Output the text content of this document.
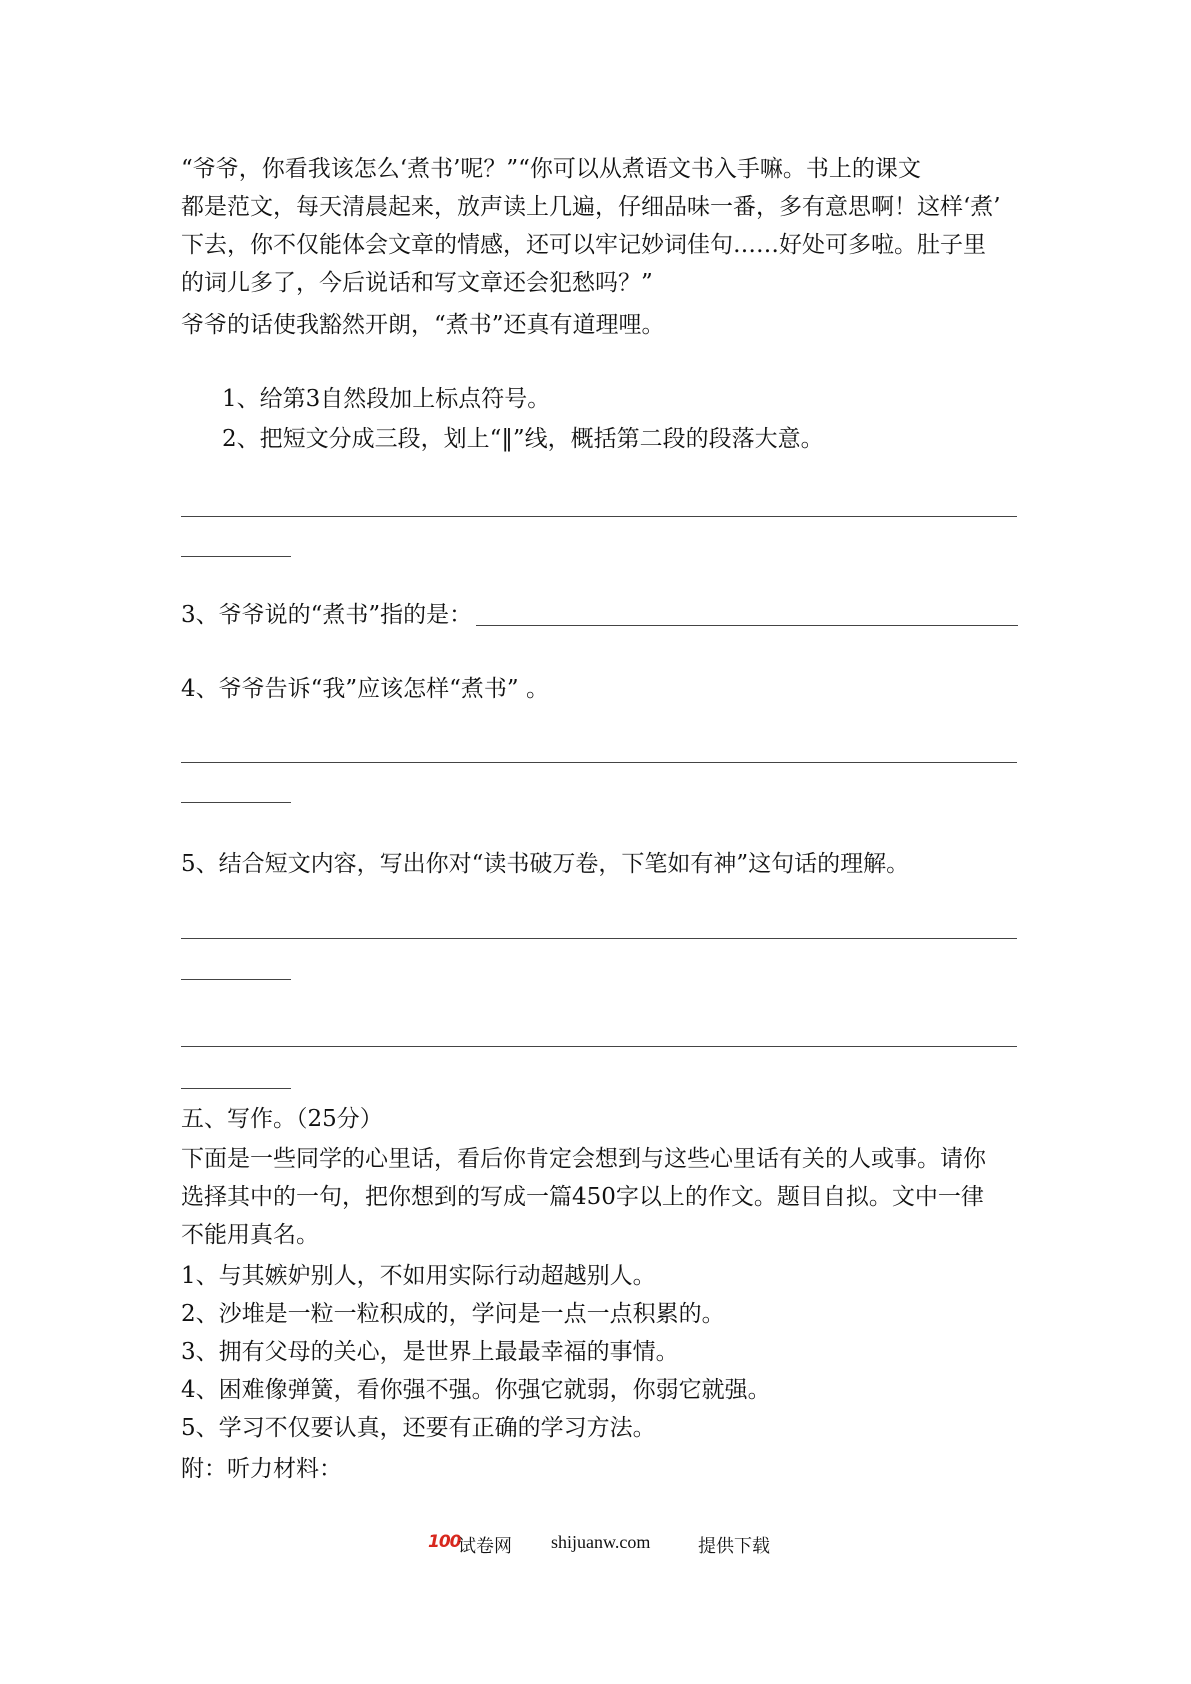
“爷爷，你看我该怎么‘煮书’呢？”“你可以从煮语文书入手嘛。书上的课文
都是范文，每天清晨起来，放声读上几遍，仔细品味一番，多有意思啊！这样‘煮’
下去，你不仅能体会文章的情感，还可以牢记妙词佳句……好处可多啦。肚子里
的词儿多了，今后说话和写文章还会犯愁吗？”
爷爷的话使我豁然开朗，“煮书”还真有道理哩。
1、给第3自然段加上标点符号。
2、把短文分成三段，划上“‖”线，概括第二段的段落大意。
3、爷爷说的“煮书”指的是：
4、爷爷告诉“我”应该怎样“煮书” 。
5、结合短文内容，写出你对“读书破万卷，下笔如有神”这句话的理解。
五、写作。（25分）
下面是一些同学的心里话，看后你肯定会想到与这些心里话有关的人或事。请你
选择其中的一句，把你想到的写成一篇450字以上的作文。题目自拟。文中一律
不能用真名。
1、与其嫉妒别人，不如用实际行动超越别人。
2、沙堆是一粒一粒积成的，学问是一点一点积累的。
3、拥有父母的关心，是世界上最最幸福的事情。
4、困难像弹簧，看你强不强。你强它就弱，你弱它就强。
5、学习不仅要认真，还要有正确的学习方法。
附：听力材料：
100
试卷网 shijuanw.com	提供下载
